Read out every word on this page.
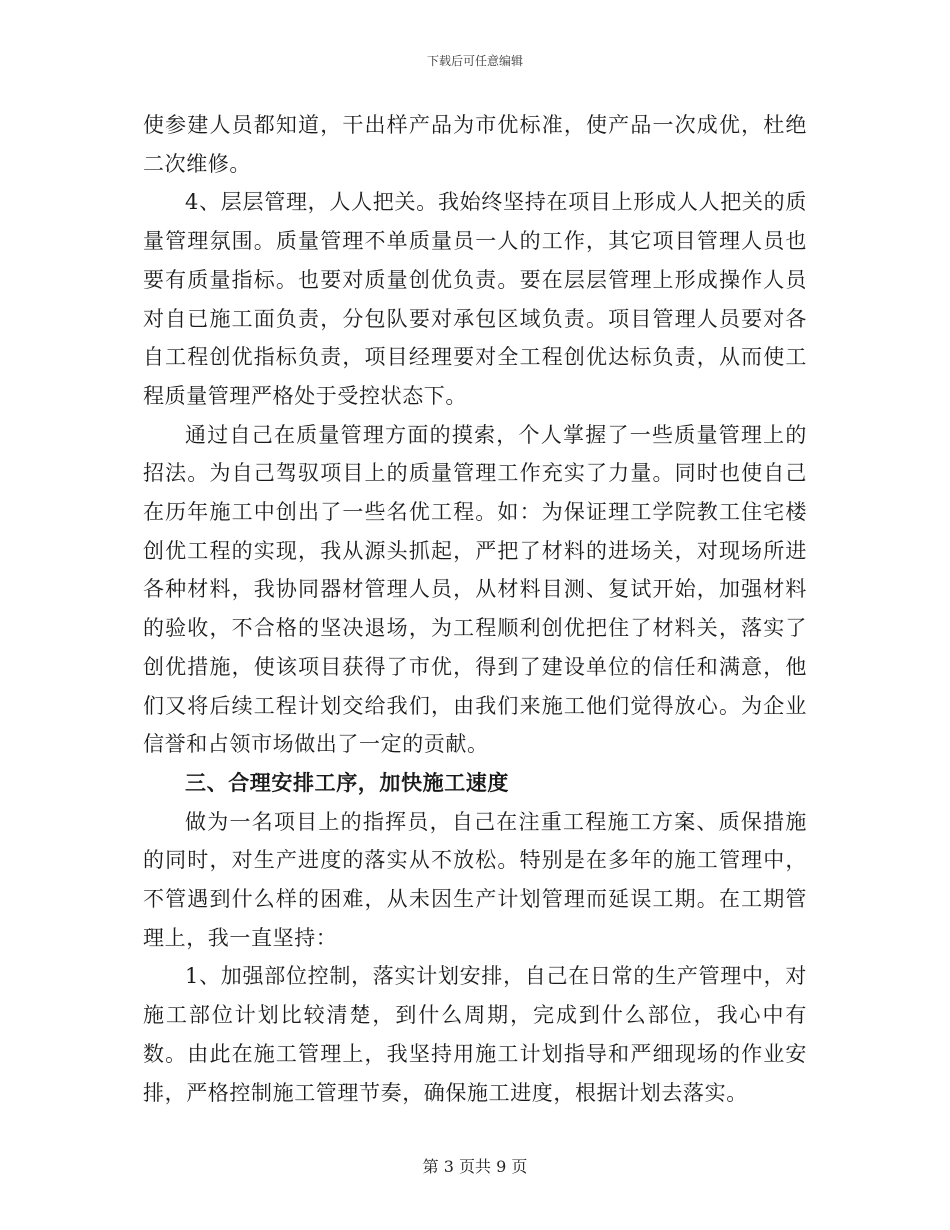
下载后可任意编辑

使参建人员都知道，干出样产品为市优标准，使产品一次成优，杜绝二次维修。

4、层层管理，人人把关。我始终坚持在项目上形成人人把关的质量管理氛围。质量管理不单质量员一人的工作，其它项目管理人员也要有质量指标。也要对质量创优负责。要在层层管理上形成操作人员对自已施工面负责，分包队要对承包区域负责。项目管理人员要对各自工程创优指标负责，项目经理要对全工程创优达标负责，从而使工程质量管理严格处于受控状态下。

通过自己在质量管理方面的摸索，个人掌握了一些质量管理上的招法。为自己驾驭项目上的质量管理工作充实了力量。同时也使自己在历年施工中创出了一些名优工程。如：为保证理工学院教工住宅楼创优工程的实现，我从源头抓起，严把了材料的进场关，对现场所进各种材料，我协同器材管理人员，从材料目测、复试开始，加强材料的验收，不合格的坚决退场，为工程顺利创优把住了材料关，落实了创优措施，使该项目获得了市优，得到了建设单位的信任和满意，他们又将后续工程计划交给我们，由我们来施工他们觉得放心。为企业信誉和占领市场做出了一定的贡献。

三、合理安排工序，加快施工速度

做为一名项目上的指挥员，自己在注重工程施工方案、质保措施的同时，对生产进度的落实从不放松。特别是在多年的施工管理中，不管遇到什么样的困难，从未因生产计划管理而延误工期。在工期管理上，我一直坚持：

1、加强部位控制，落实计划安排，自己在日常的生产管理中，对施工部位计划比较清楚，到什么周期，完成到什么部位，我心中有数。由此在施工管理上，我坚持用施工计划指导和严细现场的作业安排，严格控制施工管理节奏，确保施工进度，根据计划去落实。

第 3 页共 9 页
